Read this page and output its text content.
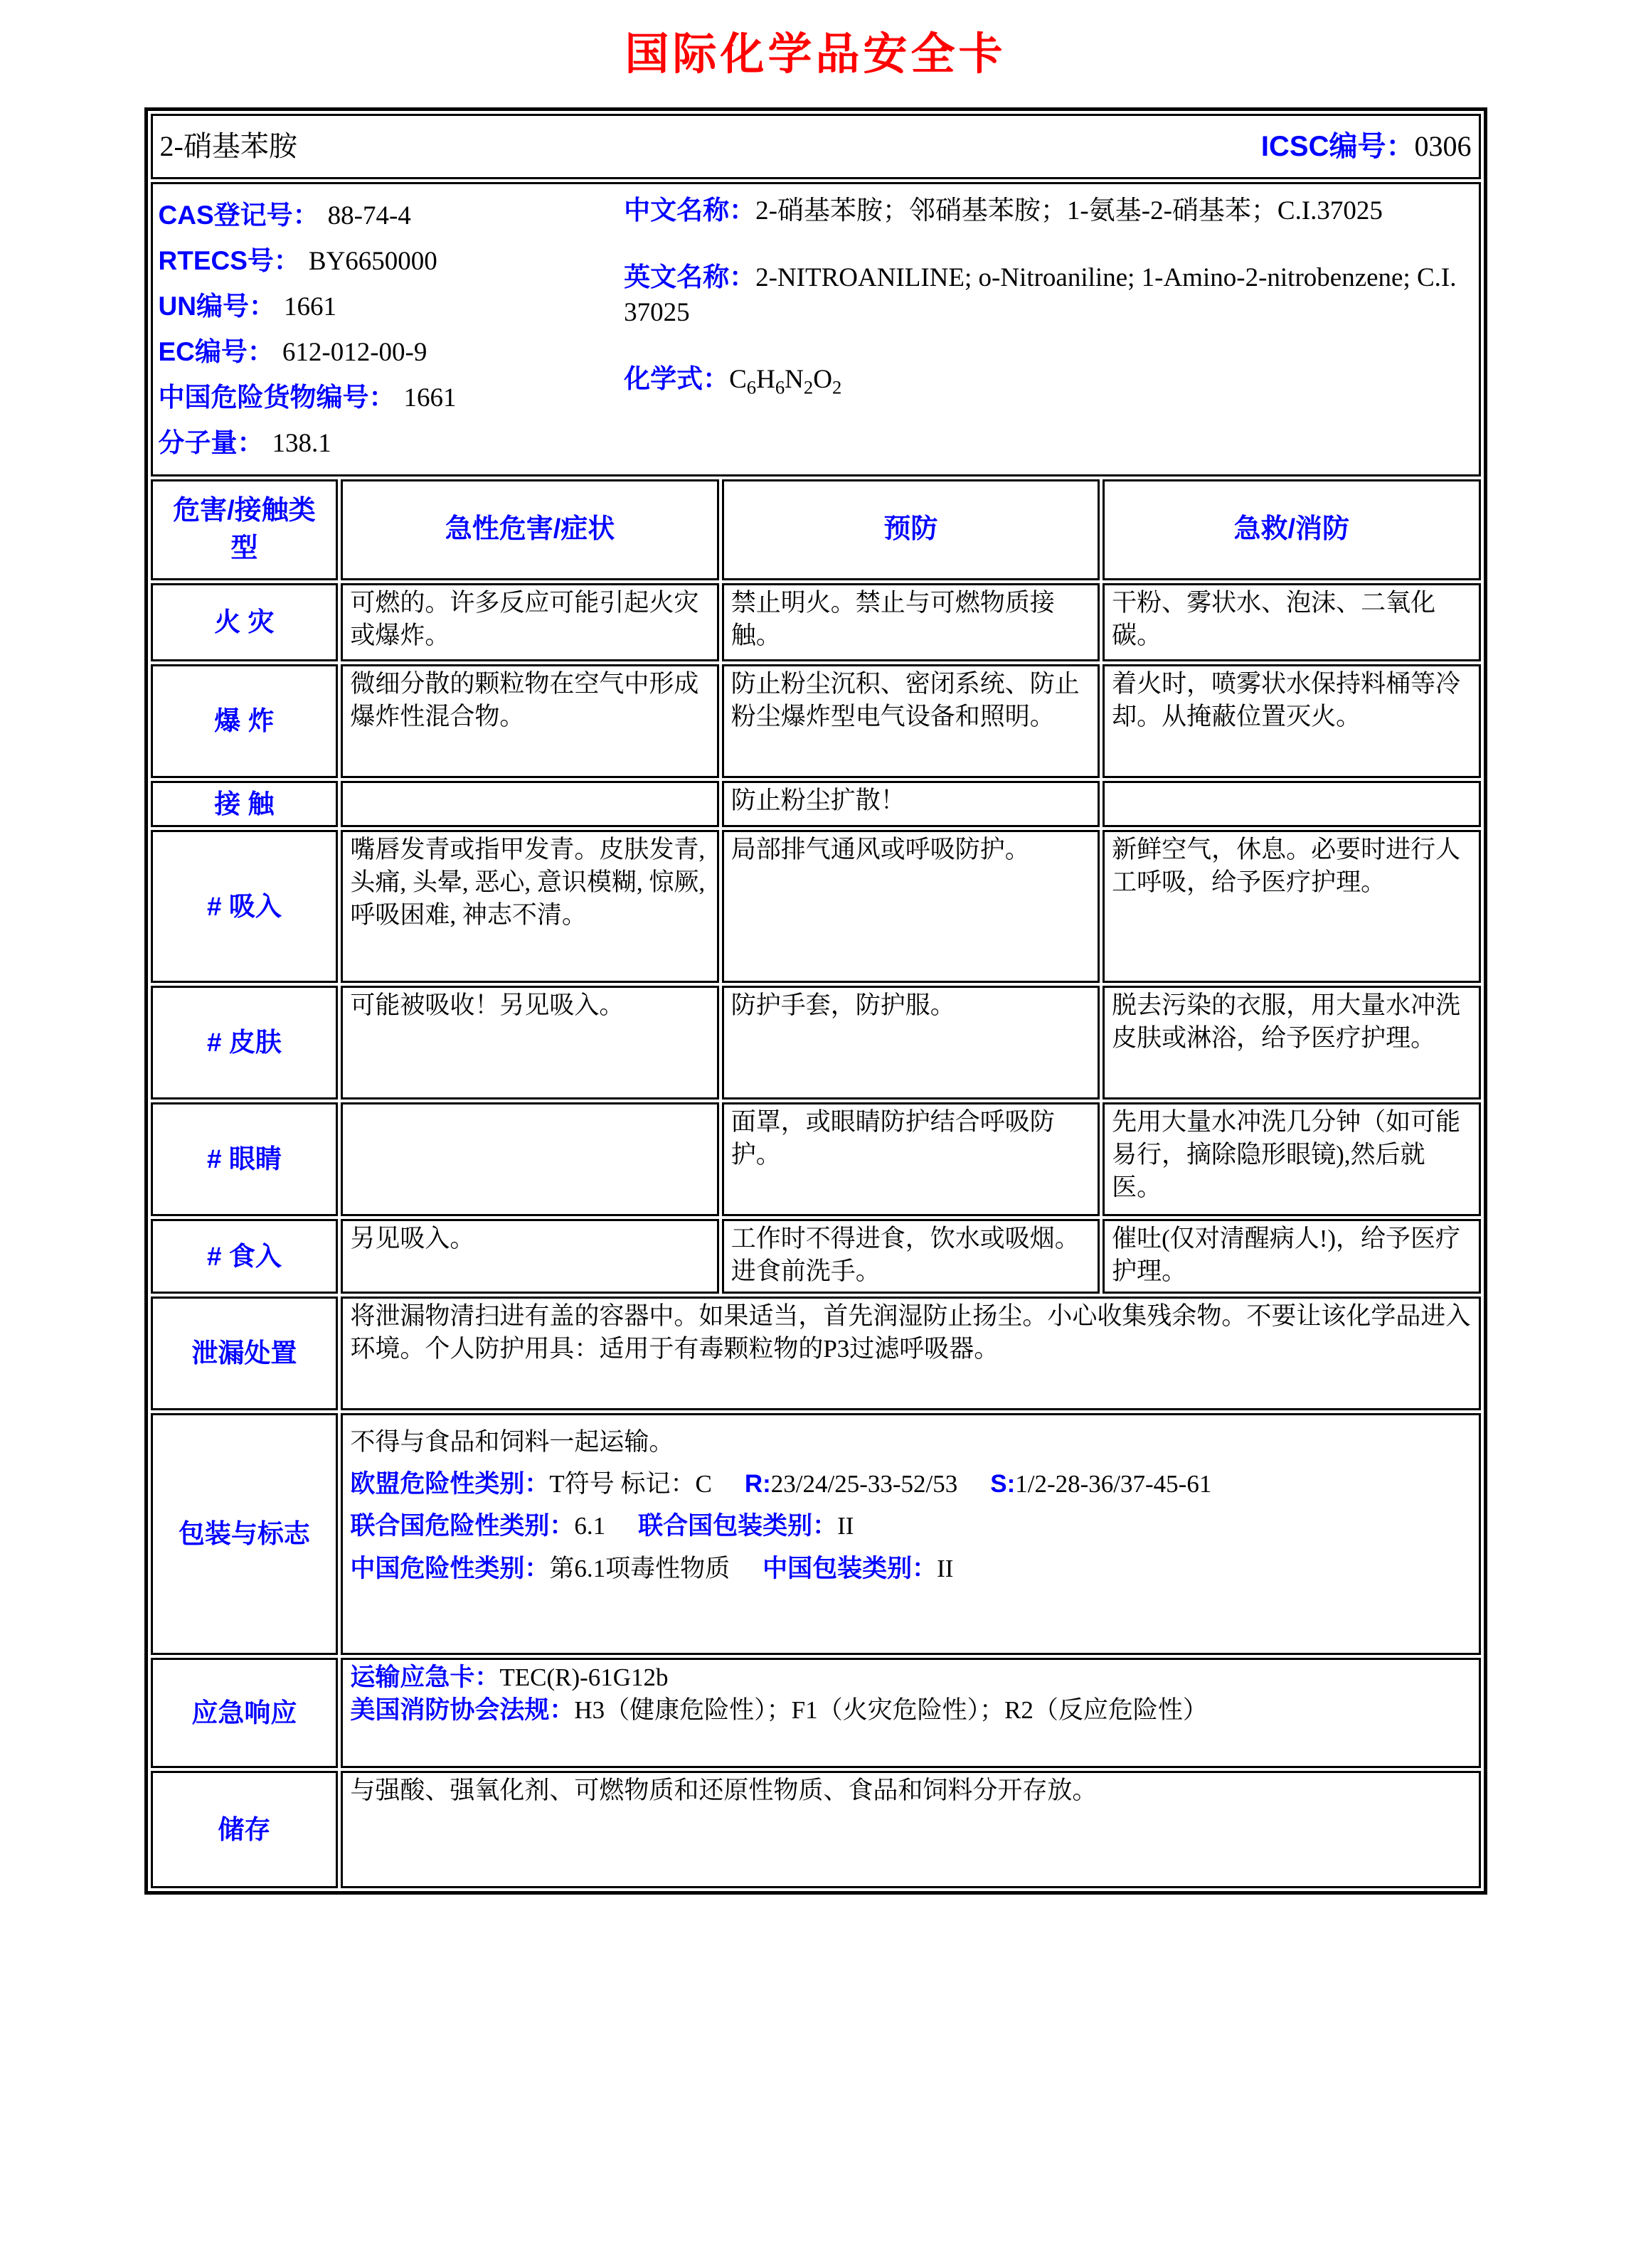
国际化学品安全卡
2-硝基苯胺 ICSC编号：0306			

CAS登记号： 88-74-4
RTECS号： BY6650000
UN编号： 1661
EC编号： 612-012-00-9
中国危险货物编号： 1661
分子量： 138.1

中文名称：2-硝基苯胺；邻硝基苯胺；1-氨基-2-硝基苯；C.I.37025

英文名称：2-NITROANILINE; o-Nitroaniline; 1-Amino-2-nitrobenzene; C.I. 37025

化学式：$C_6H_6N_2O_2$

危害/接触类型	急性危害/症状	预防	急救/消防
火 灾	可燃的。许多反应可能引起火灾或爆炸。	禁止明火。禁止与可燃物质接触。	干粉、雾状水、泡沫、二氧化碳。
爆 炸	微细分散的颗粒物在空气中形成爆炸性混合物。	防止粉尘沉积、密闭系统、防止粉尘爆炸型电气设备和照明。	着火时，喷雾状水保持料桶等冷却。从掩蔽位置灭火。
接 触		防止粉尘扩散！	
# 吸入	嘴唇发青或指甲发青。皮肤发青, 头痛, 头晕, 恶心, 意识模糊, 惊厥, 呼吸困难, 神志不清。	局部排气通风或呼吸防护。	新鲜空气，休息。必要时进行人工呼吸，给予医疗护理。
# 皮肤	可能被吸收！另见吸入。	防护手套，防护服。	脱去污染的衣服，用大量水冲洗皮肤或淋浴，给予医疗护理。
# 眼睛		面罩，或眼睛防护结合呼吸防护。	先用大量水冲洗几分钟（如可能易行，摘除隐形眼镜),然后就医。
# 食入	另见吸入。	工作时不得进食，饮水或吸烟。进食前洗手。	催吐(仅对清醒病人!)，给予医疗护理。
泄漏处置	将泄漏物清扫进有盖的容器中。如果适当，首先润湿防止扬尘。小心收集残余物。不要让该化学品进入环境。个人防护用具：适用于有毒颗粒物的P3过滤呼吸器。		

包装与标志	不得与食品和饲料一起运输。

欧盟危险性类别：T符号 标记：C R:23/24/25-33-52/53 S:1/2-28-36/37-45-61

联合国危险性类别：6.1 联合国包装类别：II

中国危险性类别：第6.1项毒性物质 中国包装类别：II		

应急响应	运输应急卡：TEC(R)-61G12b

美国消防协会法规：H3（健康危险性）；F1（火灾危险性）；R2（反应危险性）		

储存	与强酸、强氧化剂、可燃物质和还原性物质、食品和饲料分开存放。		
